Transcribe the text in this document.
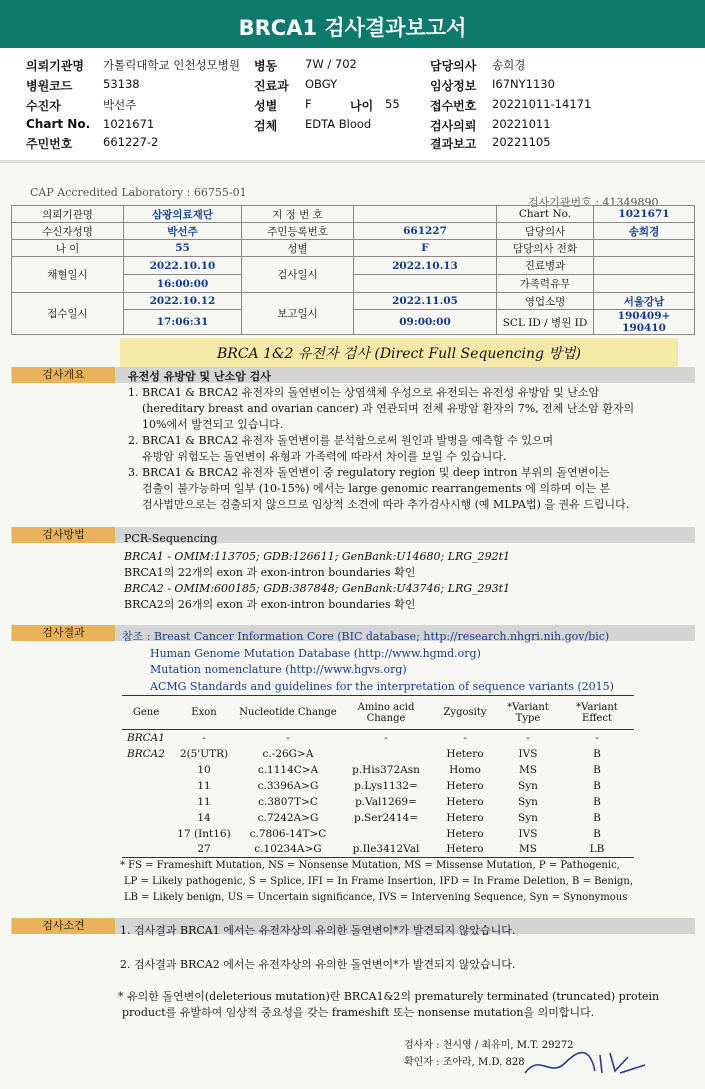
BRCA1 검사결과보고서
의뢰기관명 가톨릭대학교 인천성모병원 병동 7W / 702	담당의사 송희경
병원코드	53138	진료과 OBGY	임상정보 I67NY1130
수진자	박선주	성별 F	나이 55	접수번호 20221011-14171
Chart No. 1021671	검체 EDTA Blood	검사의뢰 20221011
주민번호	661227-2	결과보고 20221105
CAP Accredited Laboratory : 66755-01
검사기관번호 : 41349890
의뢰기관명	삼광의료재단	지 정 번 호		Chart No.	1021671
수신자성명	박선주	주민등록번호	661227	담당의사	송희경
나 이	55	성별	F	담당의사 전화	
채혈일시	2022.10.10	검사일시	2022.10.13	진료병과	
	16:00:00			가족력유무	
접수일시	2022.10.12	보고일시	2022.11.05	영업소명	서울강남
	17:06:31		09:00:00	SCL ID / 병원 ID	190409+ 190410
BRCA 1&2 유전자 검사 (Direct Full Sequencing 방법)
검사개요	유전성 유방암 및 난소암 검사
1. BRCA1 & BRCA2 유전자의 돌연변이는 상염색체 우성으로 유전되는 유전성 유방암 및 난소암
(hereditary breast and ovarian cancer) 과 연관되며 전체 유방암 환자의 7%, 전체 난소암 환자의
10%에서 발견되고 있습니다.
2. BRCA1 & BRCA2 유전자 돌연변이를 분석함으로써 원인과 발병을 예측할 수 있으며
유방암 위험도는 돌연변이 유형과 가족력에 따라서 차이를 보일 수 있습니다.
3. BRCA1 & BRCA2 유전자 돌연변이 중 regulatory region 및 deep intron 부위의 돌연변이는
검출이 불가능하며 일부 (10-15%) 에서는 large genomic rearrangements 에 의하며 이는 본
검사법만으로는 검출되지 않으므로 임상적 소견에 따라 추가검사시행 (예 MLPA법) 을 권유 드립니다.
검사방법	PCR-Sequencing
BRCA1 - OMIM:113705; GDB:126611; GenBank:U14680; LRG_292t1
BRCA1의 22개의 exon 과 exon-intron boundaries 확인
BRCA2 - OMIM:600185; GDB:387848; GenBank:U43746; LRG_293t1
BRCA2의 26개의 exon 과 exon-intron boundaries 확인
검사결과	참조 : Breast Cancer Information Core (BIC database; http://research.nhgri.nih.gov/bic)
Human Genome Mutation Database (http://www.hgmd.org)
Mutation nomenclature (http://www.hgvs.org)
ACMG Standards and guidelines for the interpretation of sequence variants (2015)
Gene	Exon	Nucleotide Change	Amino acid Change	Zygosity	*Variant Type	*Variant Effect
BRCA1	-	-	-	-	-	-
BRCA2	2(5'UTR)	c.-26G>A		Hetero	IVS	B
	10	c.1114C>A	p.His372Asn	Homo	MS	B
	11	c.3396A>G	p.Lys1132=	Hetero	Syn	B
	11	c.3807T>C	p.Val1269=	Hetero	Syn	B
	14	c.7242A>G	p.Ser2414=	Hetero	Syn	B
	17 (Int16)	c.7806-14T>C		Hetero	IVS	B
	27	c.10234A>G	p.Ile3412Val	Hetero	MS	LB
* FS = Frameshift Mutation, NS = Nonsense Mutation, MS = Missense Mutation, P = Pathogenic,
LP = Likely pathogenic, S = Splice, IFI = In Frame Insertion, IFD = In Frame Deletion, B = Benign,
LB = Likely benign, US = Uncertain significance, IVS = Intervening Sequence, Syn = Synonymous
검사소견	1. 검사결과 BRCA1 에서는 유전자상의 유의한 돌연변이*가 발견되지 않았습니다.
2. 검사결과 BRCA2 에서는 유전자상의 유의한 돌연변이*가 발견되지 않았습니다.
* 유의한 돌연변이(deleterious mutation)란 BRCA1&2의 prematurely terminated (truncated) protein
product를 유발하여 임상적 중요성을 갖는 frameshift 또는 nonsense mutation을 의미합니다.
검사자 : 천시영 / 최유미, M.T. 29272
확인자 : 조아라, M.D. 828
